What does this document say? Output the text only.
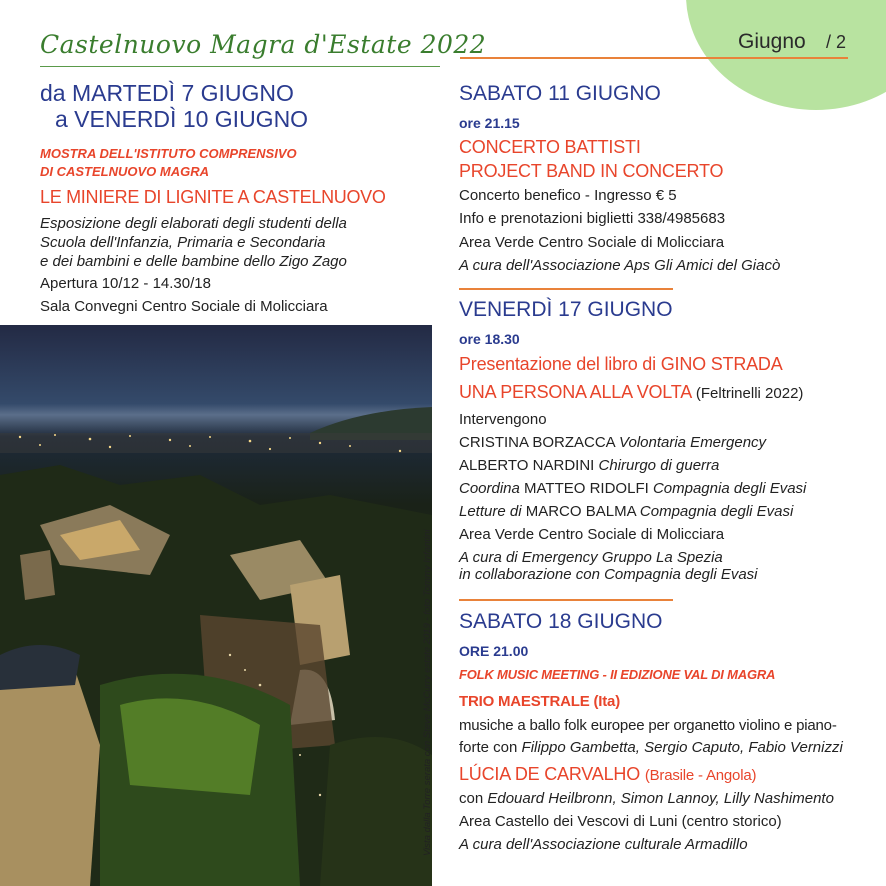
Giugno / 2
Castelnuovo Magra d'Estate 2022
da MARTEDÌ 7 GIUGNO
a VENERDÌ 10 GIUGNO
MOSTRA DELL'ISTITUTO COMPRENSIVO
DI CASTELNUOVO MAGRA
LE MINIERE DI LIGNITE A CASTELNUOVO
Esposizione degli elaborati degli studenti della
Scuola dell'Infanzia, Primaria e Secondaria
e dei bambini e delle bambine dello Zigo Zago
Apertura 10/12 - 14.30/18
Sala Convegni Centro Sociale di Molicciara
Vista dalla Torre serata con Steve McCurry estate 2019 - foto Tommy Infantini
SABATO 11 GIUGNO
ore 21.15
CONCERTO BATTISTI
PROJECT BAND IN CONCERTO
Concerto benefico - Ingresso € 5
Info e prenotazioni biglietti 338/4985683
Area Verde Centro Sociale di Molicciara
A cura dell'Associazione Aps Gli Amici del Giacò
VENERDÌ 17 GIUGNO
ore 18.30
Presentazione del libro di GINO STRADA
UNA PERSONA ALLA VOLTA (Feltrinelli 2022)
Intervengono
CRISTINA BORZACCA Volontaria Emergency
ALBERTO NARDINI Chirurgo di guerra
Coordina MATTEO RIDOLFI Compagnia degli Evasi
Letture di MARCO BALMA Compagnia degli Evasi
Area Verde Centro Sociale di Molicciara
A cura di Emergency Gruppo La Spezia
in collaborazione con Compagnia degli Evasi
SABATO 18 GIUGNO
ORE 21.00
FOLK MUSIC MEETING - II EDIZIONE VAL DI MAGRA
TRIO MAESTRALE (Ita)
musiche a ballo folk europee per organetto violino e piano-
forte con Filippo Gambetta, Sergio Caputo, Fabio Vernizzi
LÚCIA DE CARVALHO (Brasile - Angola)
con Edouard Heilbronn, Simon Lannoy, Lilly Nashimento
Area Castello dei Vescovi di Luni (centro storico)
A cura dell'Associazione culturale Armadillo
